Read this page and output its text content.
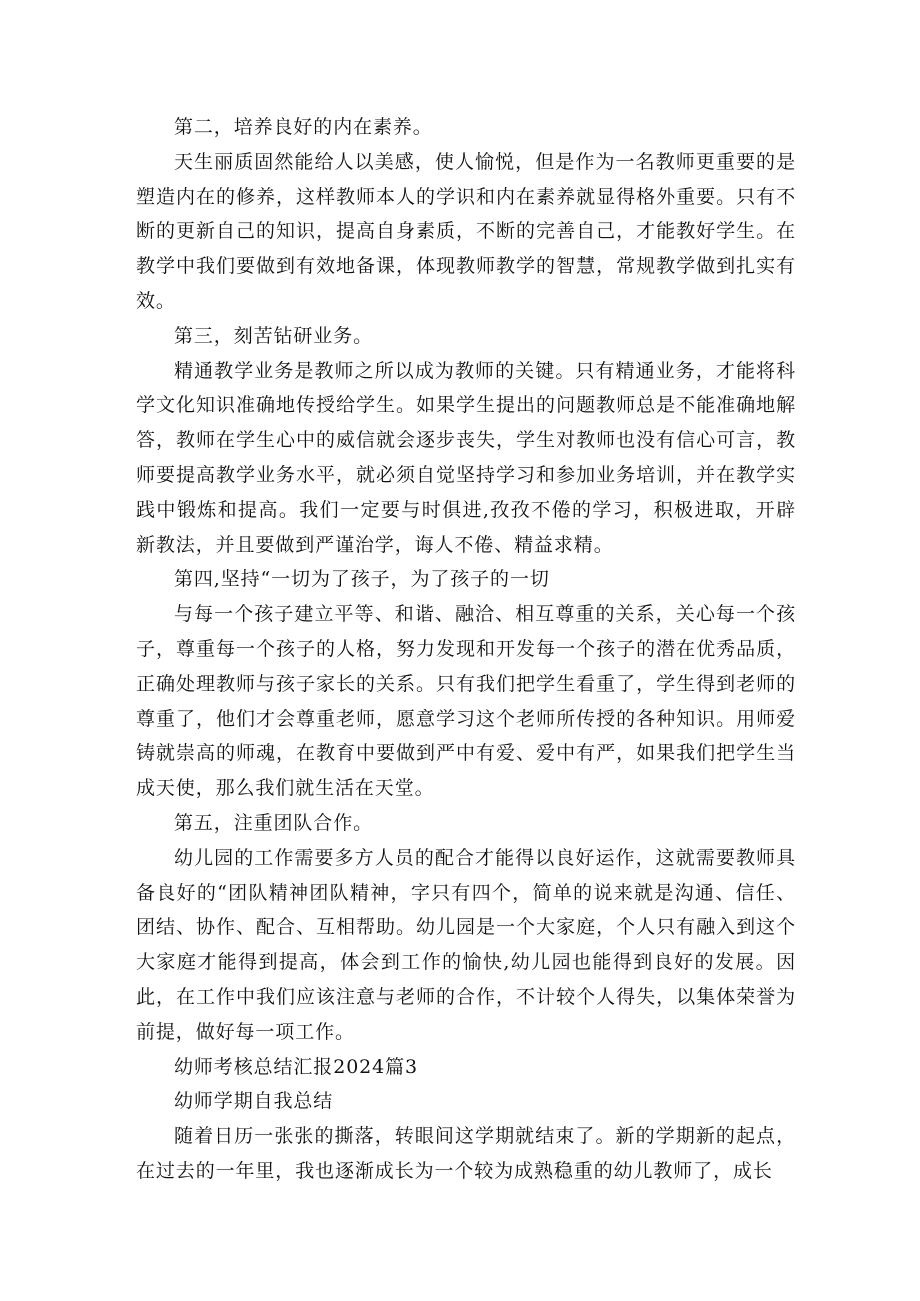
第二，培养良好的内在素养。

天生丽质固然能给人以美感，使人愉悦，但是作为一名教师更重要的是塑造内在的修养，这样教师本人的学识和内在素养就显得格外重要。只有不断的更新自己的知识，提高自身素质，不断的完善自己，才能教好学生。在教学中我们要做到有效地备课，体现教师教学的智慧，常规教学做到扎实有效。

第三，刻苦钻研业务。

精通教学业务是教师之所以成为教师的关键。只有精通业务，才能将科学文化知识准确地传授给学生。如果学生提出的问题教师总是不能准确地解答，教师在学生心中的威信就会逐步丧失，学生对教师也没有信心可言，教师要提高教学业务水平，就必须自觉坚持学习和参加业务培训，并在教学实践中锻炼和提高。我们一定要与时俱进,孜孜不倦的学习，积极进取，开辟新教法，并且要做到严谨治学，诲人不倦、精益求精。

第四,坚持“一切为了孩子，为了孩子的一切

与每一个孩子建立平等、和谐、融洽、相互尊重的关系，关心每一个孩子，尊重每一个孩子的人格，努力发现和开发每一个孩子的潜在优秀品质，正确处理教师与孩子家长的关系。只有我们把学生看重了，学生得到老师的尊重了，他们才会尊重老师，愿意学习这个老师所传授的各种知识。用师爱铸就崇高的师魂，在教育中要做到严中有爱、爱中有严，如果我们把学生当成天使，那么我们就生活在天堂。

第五，注重团队合作。

幼儿园的工作需要多方人员的配合才能得以良好运作，这就需要教师具备良好的“团队精神团队精神，字只有四个，简单的说来就是沟通、信任、团结、协作、配合、互相帮助。幼儿园是一个大家庭，个人只有融入到这个大家庭才能得到提高，体会到工作的愉快,幼儿园也能得到良好的发展。因此，在工作中我们应该注意与老师的合作，不计较个人得失，以集体荣誉为前提，做好每一项工作。

幼师考核总结汇报2024篇3

幼师学期自我总结

随着日历一张张的撕落，转眼间这学期就结束了。新的学期新的起点，在过去的一年里，我也逐渐成长为一个较为成熟稳重的幼儿教师了，成长
